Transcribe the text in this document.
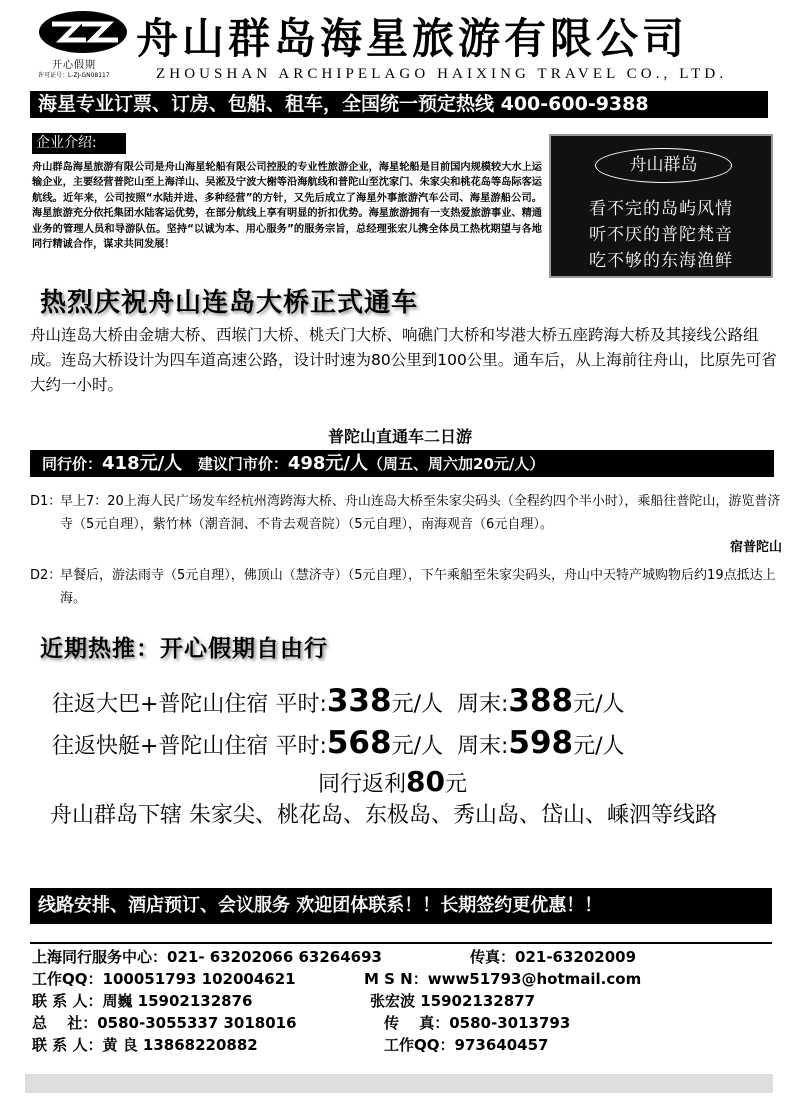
开心假期
许可证号：L-ZJ-GN08117
舟山群岛海星旅游有限公司
ZHOUSHAN ARCHIPELAGO HAIXING TRAVEL CO., LTD.
海星专业订票、订房、包船、租车，全国统一预定热线 400-600-9388
企业介绍:
舟山群岛海星旅游有限公司是舟山海星轮船有限公司控股的专业性旅游企业，海星轮船是目前国内规模较大水上运输企业，主要经营普陀山至上海洋山、吴淞及宁波大榭等沿海航线和普陀山至沈家门、朱家尖和桃花岛等岛际客运航线。近年来，公司按照“水陆并进、多种经营”的方针，又先后成立了海星外事旅游汽车公司、海星游船公司。海星旅游充分依托集团水陆客运优势，在部分航线上享有明显的折扣优势。海星旅游拥有一支热爱旅游事业、精通业务的管理人员和导游队伍。坚持“以诚为本、用心服务”的服务宗旨，总经理张宏儿携全体员工热枕期望与各地同行精诚合作，谋求共同发展！
舟山群岛
看不完的岛屿风情
听不厌的普陀梵音
吃不够的东海渔鲜
热烈庆祝舟山连岛大桥正式通车
舟山连岛大桥由金塘大桥、西堠门大桥、桃夭门大桥、响礁门大桥和岑港大桥五座跨海大桥及其接线公路组成。连岛大桥设计为四车道高速公路，设计时速为80公里到100公里。通车后，从上海前往舟山，比原先可省大约一小时。
普陀山直通车二日游
同行价：418元/人 建议门市价：498元/人（周五、周六加20元/人）
D1：
早上7：20上海人民广场发车经杭州湾跨海大桥、舟山连岛大桥至朱家尖码头（全程约四个半小时），乘船往普陀山，游览普济寺（5元自理），紫竹林（潮音洞、不肯去观音院）（5元自理），南海观音（6元自理）。
宿普陀山
D2：
早餐后，游法雨寺（5元自理），佛顶山（慧济寺）（5元自理），下午乘船至朱家尖码头，舟山中天特产城购物后约19点抵达上海。
近期热推：开心假期自由行
往返大巴+普陀山住宿 平时:338元/人 周末:388元/人
往返快艇+普陀山住宿 平时:568元/人 周末:598元/人
同行返利80元
舟山群岛下辖 朱家尖、桃花岛、东极岛、秀山岛、岱山、嵊泗等线路
线路安排、酒店预订、会议服务 欢迎团体联系！！长期签约更优惠！！
上海同行服务中心：021- 63202066 63264693	传真：021-63202009
工作QQ：100051793 102004621	M S N：www51793@hotmail.com
联 系 人：周巍 15902132876	张宏波 15902132877
总　 社：0580-3055337 3018016	传　 真：0580-3013793
联 系 人：黄 良 13868220882	工作QQ：973640457
